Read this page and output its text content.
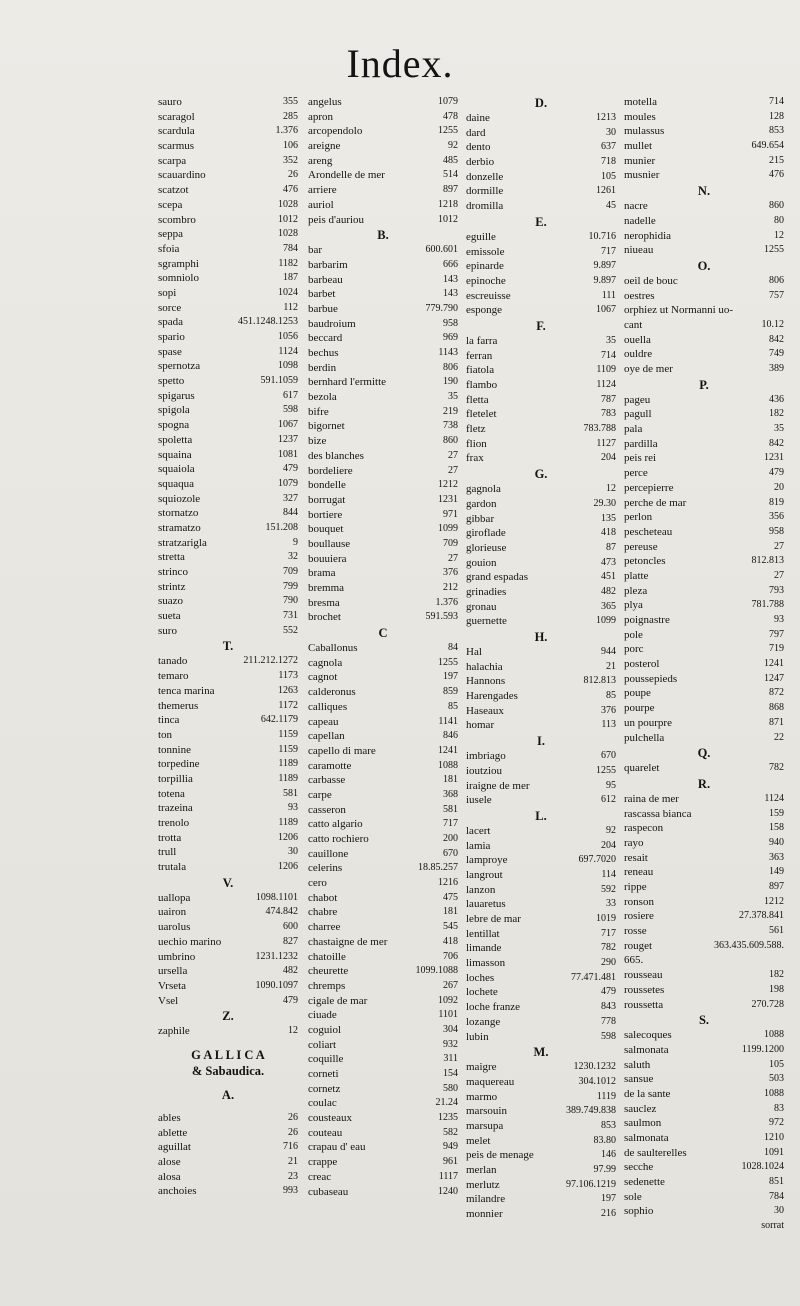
Index.
sauro	355
scaragol	285
scardula	1.376
scarmus	106
scarpa	352
scauardino	26
scatzot	476
scepa	1028
scombro	1012
seppa	1028
sfoia	784
sgramphi	1182
somniolo	187
sopi	1024
sorce	112
spada	451.1248.1253
spario	1056
spase	1124
spernotza	1098
spetto	591.1059
spigarus	617
spigola	598
spogna	1067
spoletta	1237
squaina	1081
squaiola	479
squaqua	1079
squiozole	327
stornatzo	844
stramatzo	151.208
stratzarigla	9
stretta	32
strinco	709
strintz	799
suazo	790
sueta	731
suro	552
T.
tanado	211.212.1272
temaro	1173
tenca marina	1263
themerus	1172
tinca	642.1179
ton	1159
tonnine	1159
torpedine	1189
torpillia	1189
totena	581
trazeina	93
trenolo	1189
trotta	1206
trull	30
trutala	1206
V.
uallopa	1098.1101
uairon	474.842
uarolus	600
uechio marino	827
umbrino	1231.1232
ursella	482
Vrseta	1090.1097
Vsel	479
Z.
zaphile	12
G A L L I C A
& Sabaudica.
A.
ables	26
ablette	26
aguillat	716
alose	21
alosa	23
anchoies	993
angelus	1079
apron	478
arcopendolo	1255
areigne	92
areng	485
Arondelle de mer	514
arriere	897
auriol	1218
peis d'auriou	1012
B.
bar	600.601
barbarim	666
barbeau	143
barbet	143
barbue	779.790
baudroium	958
beccard	969
bechus	1143
berdin	806
bernhard l'ermitte	190
bezola	35
bifre	219
bigornet	738
bize	860
des blanches	27
bordeliere	27
bondelle	1212
borrugat	1231
bortiere	971
bouquet	1099
boullause	709
bouuiera	27
brama	376
bremma	212
bresma	1.376
brochet	591.593
C
Caballonus	84
cagnola	1255
cagnot	197
calderonus	859
calliques	85
capeau	1141
capellan	846
capello di mare	1241
caramotte	1088
carbasse	181
carpe	368
casseron	581
catto algario	717
catto rochiero	200
cauillone	670
celerins	18.85.257
cero	1216
chabot	475
chabre	181
charree	545
chastaigne de mer	418
chatoille	706
cheurette	1099.1088
chremps	267
cigale de mar	1092
ciuade	1101
coguiol	304
coliart	932
coquille	311
corneti	154
cornetz	580
coulac	21.24
cousteaux	1235
couteau	582
crapau d' eau	949
crappe	961
creac	1117
cubaseau	1240
D.
daine	1213
dard	30
dento	637
derbio	718
donzelle	105
dormille	1261
dromilla	45
E.
eguille	10.716
emissole	717
epinarde	9.897
epinoche	9.897
escreuisse	111
esponge	1067
F.
la farra	35
ferran	714
fiatola	1109
flambo	1124
fletta	787
fletelet	783
fletz	783.788
flion	1127
frax	204
G.
gagnola	12
gardon	29.30
gibbar	135
giroflade	418
glorieuse	87
gouion	473
grand espadas	451
grinadies	482
gronau	365
guernette	1099
H.
Hal	944
halachia	21
Hannons	812.813
Harengades	85
Haseaux	376
homar	113
I.
imbriago	670
ioutziou	1255
iraigne de mer	95
iusele	612
L.
lacert	92
lamia	204
lamproye	697.7020
langrout	114
lanzon	592
lauaretus	33
lebre de mar	1019
lentillat	717
limande	782
limasson	290
loches	77.471.481
lochete	479
loche franze	843
lozange	778
lubin	598
M.
maigre	1230.1232
maquereau	304.1012
marmo	1119
marsouin	389.749.838
marsupa	853
melet	83.80
peis de menage	146
merlan	97.99
merlutz	97.106.1219
milandre	197
monnier	216
motella	714
moules	128
mulassus	853
mullet	649.654
munier	215
musnier	476
N.
nacre	860
nadelle	80
nerophidia	12
niueau	1255
O.
oeil de bouc	806
oestres	757
orphiez ut Normanni uo-
cant	10.12
ouella	842
ouldre	749
oye de mer	389
P.
pageu	436
pagull	182
pala	35
pardilla	842
peis rei	1231
perce	479
percepierre	20
perche de mar	819
perlon	356
pescheteau	958
pereuse	27
petoncles	812.813
platte	27
pleza	793
plya	781.788
poignastre	93
pole	797
porc	719
posterol	1241
poussepieds	1247
poupe	872
pourpe	868
un pourpre	871
pulchella	22
Q.
quarelet	782
R.
raina de mer	1124
rascassa bianca	159
raspecon	158
rayo	940
resait	363
reneau	149
rippe	897
ronson	1212
rosiere	27.378.841
rosse	561
rouget	363.435.609.588.
665.
rousseau	182
roussetes	198
roussetta	270.728
S.
salecoques	1088
salmonata	1199.1200
saluth	105
sansue	503
de la sante	1088
sauclez	83
saulmon	972
salmonata	1210
de saulterelles	1091
secche	1028.1024
sedenette	851
sole	784
sophio	30
sorrat
